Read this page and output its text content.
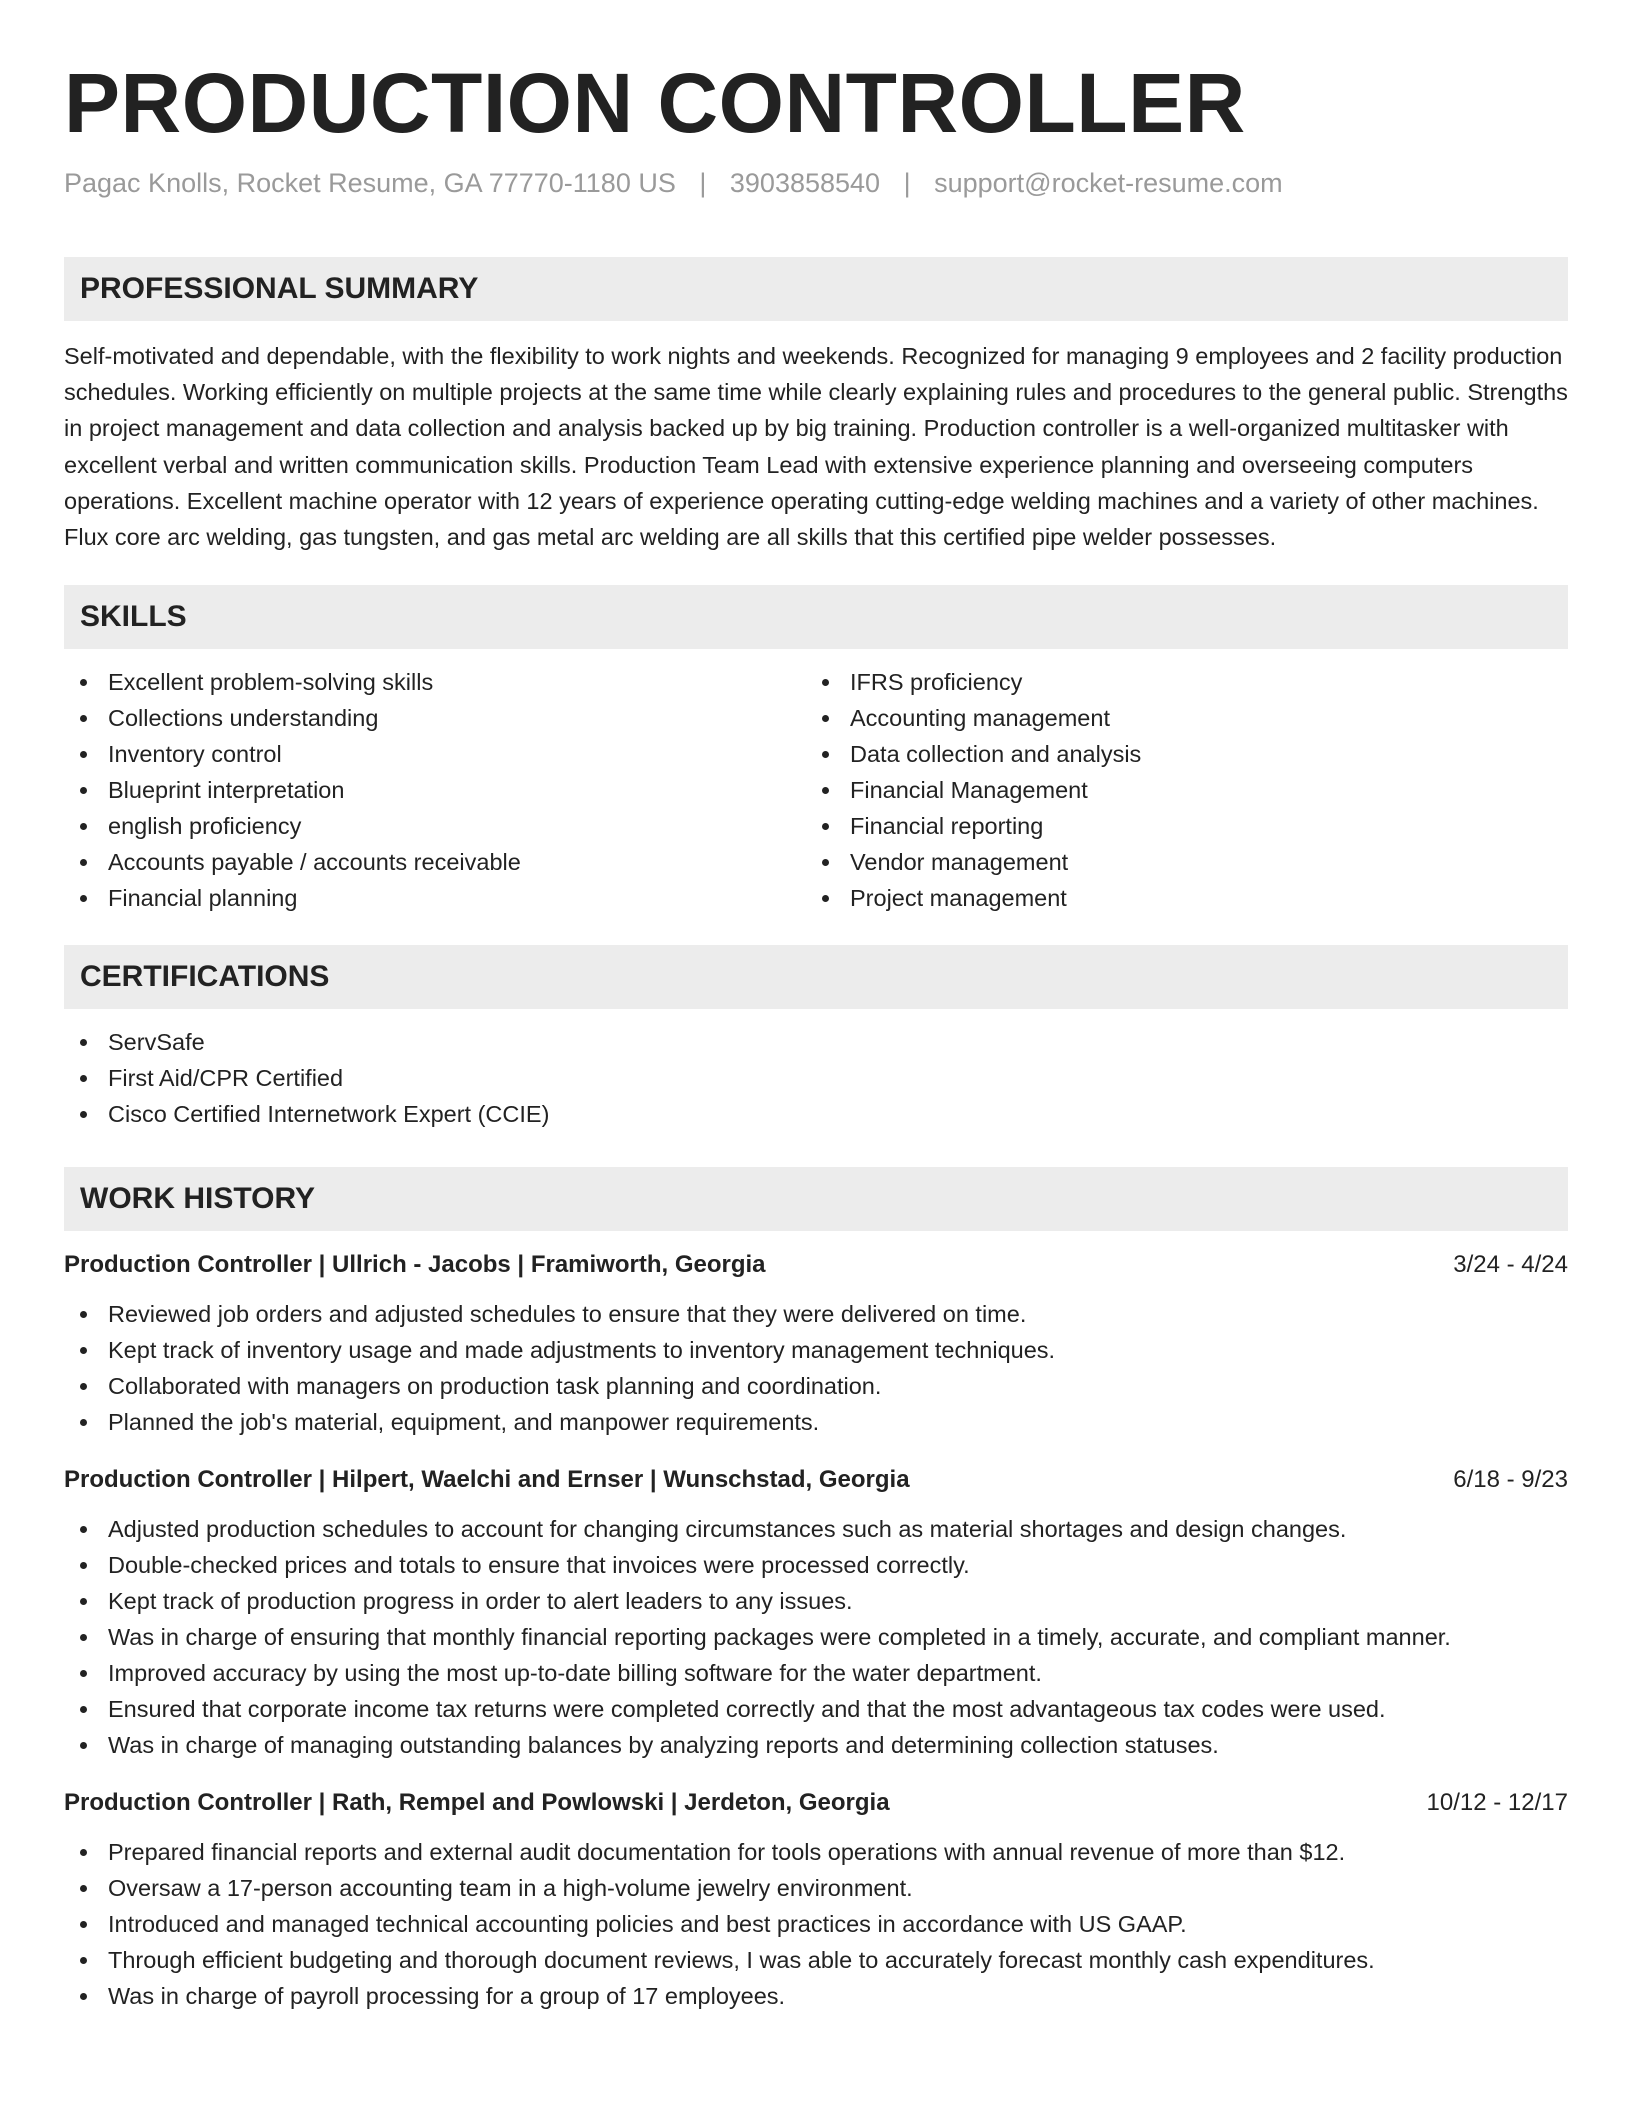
PRODUCTION CONTROLLER
Pagac Knolls, Rocket Resume, GA 77770-1180 US | 3903858540 | support@rocket-resume.com
PROFESSIONAL SUMMARY

Self-motivated and dependable, with the flexibility to work nights and weekends. Recognized for managing 9 employees and 2 facility production schedules. Working efficiently on multiple projects at the same time while clearly explaining rules and procedures to the general public. Strengths in project management and data collection and analysis backed up by big training. Production controller is a well-organized multitasker with excellent verbal and written communication skills. Production Team Lead with extensive experience planning and overseeing computers operations. Excellent machine operator with 12 years of experience operating cutting-edge welding machines and a variety of other machines. Flux core arc welding, gas tungsten, and gas metal arc welding are all skills that this certified pipe welder possesses.

SKILLS
Excellent problem-solving skills
Collections understanding
Inventory control
Blueprint interpretation
english proficiency
Accounts payable / accounts receivable
Financial planning
IFRS proficiency
Accounting management
Data collection and analysis
Financial Management
Financial reporting
Vendor management
Project management
CERTIFICATIONS
ServSafe
First Aid/CPR Certified
Cisco Certified Internetwork Expert (CCIE)
WORK HISTORY
Production Controller | Ullrich - Jacobs | Framiworth, Georgia	3/24 - 4/24
Reviewed job orders and adjusted schedules to ensure that they were delivered on time.
Kept track of inventory usage and made adjustments to inventory management techniques.
Collaborated with managers on production task planning and coordination.
Planned the job's material, equipment, and manpower requirements.
Production Controller | Hilpert, Waelchi and Ernser | Wunschstad, Georgia	6/18 - 9/23
Adjusted production schedules to account for changing circumstances such as material shortages and design changes.
Double-checked prices and totals to ensure that invoices were processed correctly.
Kept track of production progress in order to alert leaders to any issues.
Was in charge of ensuring that monthly financial reporting packages were completed in a timely, accurate, and compliant manner.
Improved accuracy by using the most up-to-date billing software for the water department.
Ensured that corporate income tax returns were completed correctly and that the most advantageous tax codes were used.
Was in charge of managing outstanding balances by analyzing reports and determining collection statuses.
Production Controller | Rath, Rempel and Powlowski | Jerdeton, Georgia	10/12 - 12/17
Prepared financial reports and external audit documentation for tools operations with annual revenue of more than $12.
Oversaw a 17-person accounting team in a high-volume jewelry environment.
Introduced and managed technical accounting policies and best practices in accordance with US GAAP.
Through efficient budgeting and thorough document reviews, I was able to accurately forecast monthly cash expenditures.
Was in charge of payroll processing for a group of 17 employees.
